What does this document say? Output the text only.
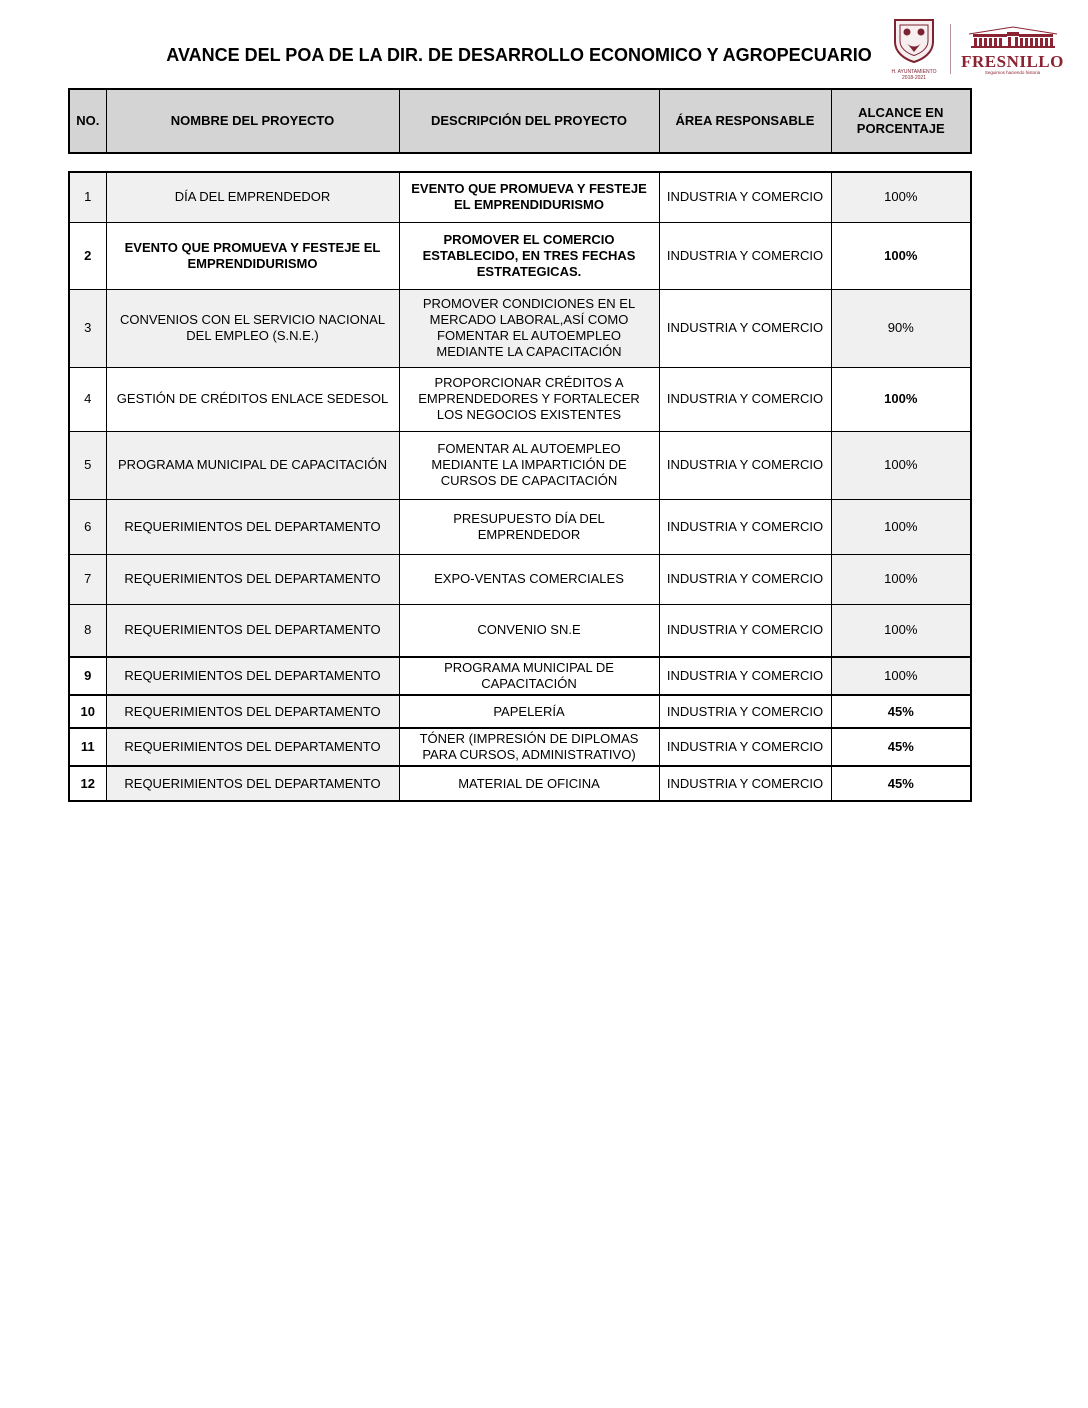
H. AYUNTAMIENTO
2018-2021
FRESNILLO
Seguimos haciendo historia
AVANCE DEL POA DE LA DIR. DE DESARROLLO ECONOMICO Y AGROPECUARIO
NO.	NOMBRE DEL PROYECTO	DESCRIPCIÓN DEL PROYECTO	ÁREA RESPONSABLE	ALCANCE EN PORCENTAJE
1	DÍA DEL EMPRENDEDOR	EVENTO QUE PROMUEVA Y FESTEJE EL EMPRENDIDURISMO	INDUSTRIA Y COMERCIO	100%
2	EVENTO QUE PROMUEVA Y FESTEJE EL EMPRENDIDURISMO	PROMOVER EL COMERCIO ESTABLECIDO, EN TRES FECHAS ESTRATEGICAS.	INDUSTRIA Y COMERCIO	100%
3	CONVENIOS CON EL SERVICIO NACIONAL DEL EMPLEO (S.N.E.)	PROMOVER CONDICIONES EN EL MERCADO LABORAL,ASÍ COMO FOMENTAR EL AUTOEMPLEO MEDIANTE LA CAPACITACIÓN	INDUSTRIA Y COMERCIO	90%
4	GESTIÓN DE CRÉDITOS ENLACE SEDESOL	PROPORCIONAR CRÉDITOS A EMPRENDEDORES Y FORTALECER LOS NEGOCIOS EXISTENTES	INDUSTRIA Y COMERCIO	100%
5	PROGRAMA MUNICIPAL DE CAPACITACIÓN	FOMENTAR AL AUTOEMPLEO MEDIANTE LA IMPARTICIÓN DE CURSOS DE CAPACITACIÓN	INDUSTRIA Y COMERCIO	100%
6	REQUERIMIENTOS DEL DEPARTAMENTO	PRESUPUESTO DÍA DEL EMPRENDEDOR	INDUSTRIA Y COMERCIO	100%
7	REQUERIMIENTOS DEL DEPARTAMENTO	EXPO-VENTAS COMERCIALES	INDUSTRIA Y COMERCIO	100%
8	REQUERIMIENTOS DEL DEPARTAMENTO	CONVENIO SN.E	INDUSTRIA Y COMERCIO	100%
9	REQUERIMIENTOS DEL DEPARTAMENTO	PROGRAMA MUNICIPAL DE CAPACITACIÓN	INDUSTRIA Y COMERCIO	100%
10	REQUERIMIENTOS DEL DEPARTAMENTO	PAPELERÍA	INDUSTRIA Y COMERCIO	45%
11	REQUERIMIENTOS DEL DEPARTAMENTO	TÓNER (IMPRESIÓN DE DIPLOMAS PARA CURSOS, ADMINISTRATIVO)	INDUSTRIA Y COMERCIO	45%
12	REQUERIMIENTOS DEL DEPARTAMENTO	MATERIAL DE OFICINA	INDUSTRIA Y COMERCIO	45%
